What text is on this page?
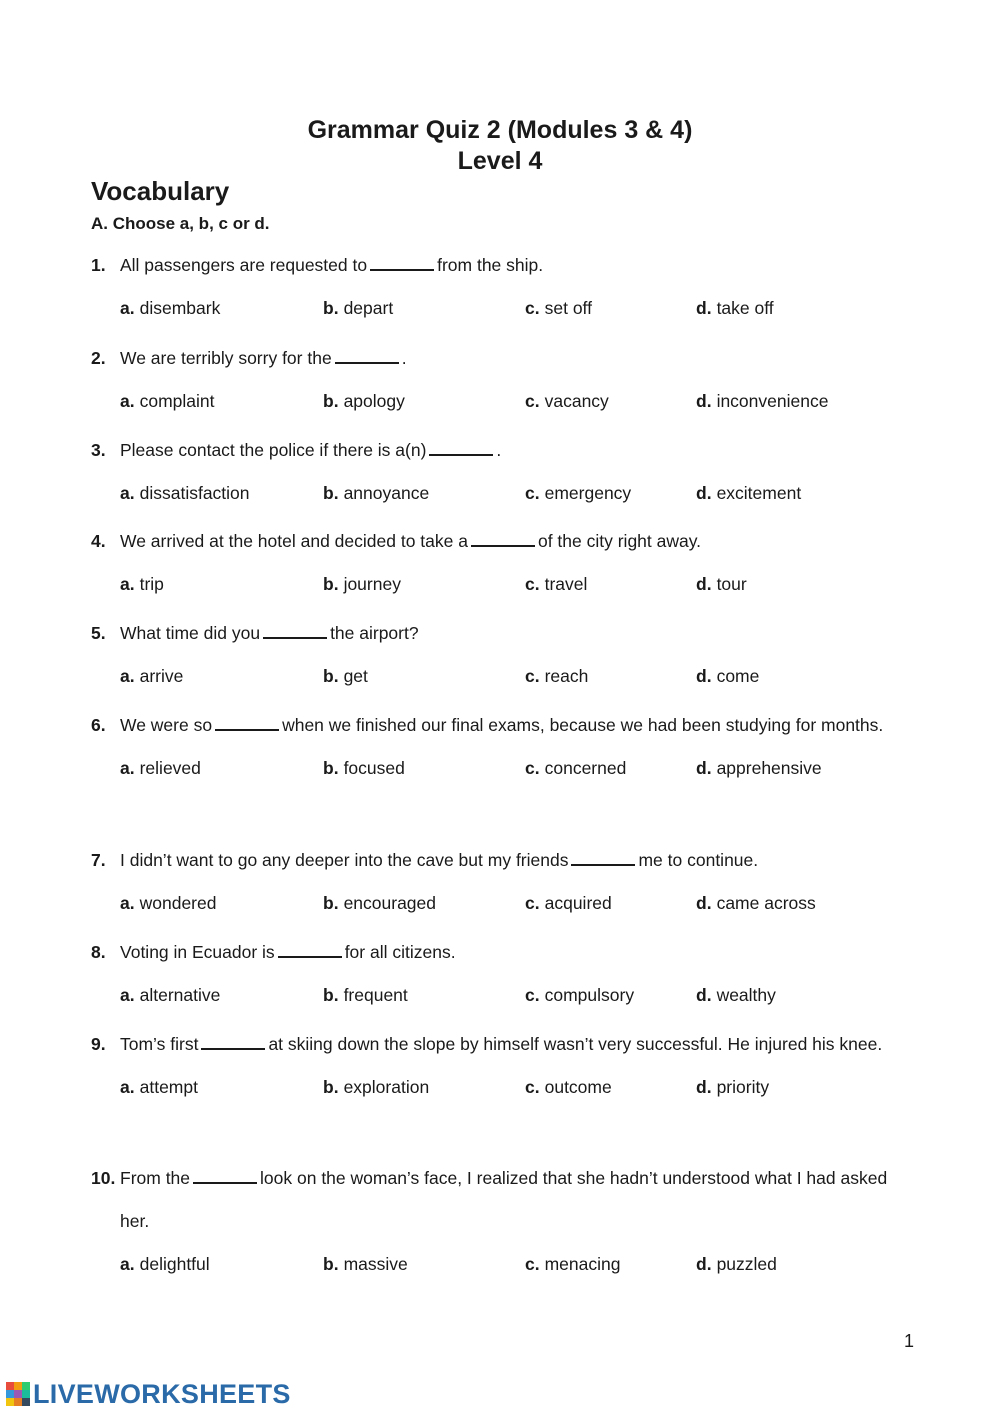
Grammar Quiz 2 (Modules 3 & 4)
Level 4
Vocabulary

A. Choose a, b, c or d.

1. All passengers are requested to	from the ship.
a. disembark	b. depart	c. set off	d. take off
2. We are terribly sorry for the	.
a. complaint	b. apology	c. vacancy	d. inconvenience
3. Please contact the police if there is a(n)	.
a. dissatisfaction	b. annoyance	c. emergency	d. excitement
4. We arrived at the hotel and decided to take a	of the city right away.
a. trip	b. journey	c. travel	d. tour
5. What time did you	the airport?
a. arrive	b. get	c. reach	d. come
6. We were so	when we finished our final exams, because we had been studying for months.
a. relieved	b. focused	c. concerned	d. apprehensive
7. I didn’t want to go any deeper into the cave but my friends	me to continue.
a. wondered	b. encouraged	c. acquired	d. came across
8. Voting in Ecuador is	for all citizens.
a. alternative	b. frequent	c. compulsory	d. wealthy
9. Tom’s first	at skiing down the slope by himself wasn’t very successful. He injured his knee.
a. attempt	b. exploration	c. outcome	d. priority
10. From the	look on the woman’s face, I realized that she hadn’t understood what I had asked her.
a. delightful	b. massive	c. menacing	d. puzzled
1
LIVEWORKSHEETS
